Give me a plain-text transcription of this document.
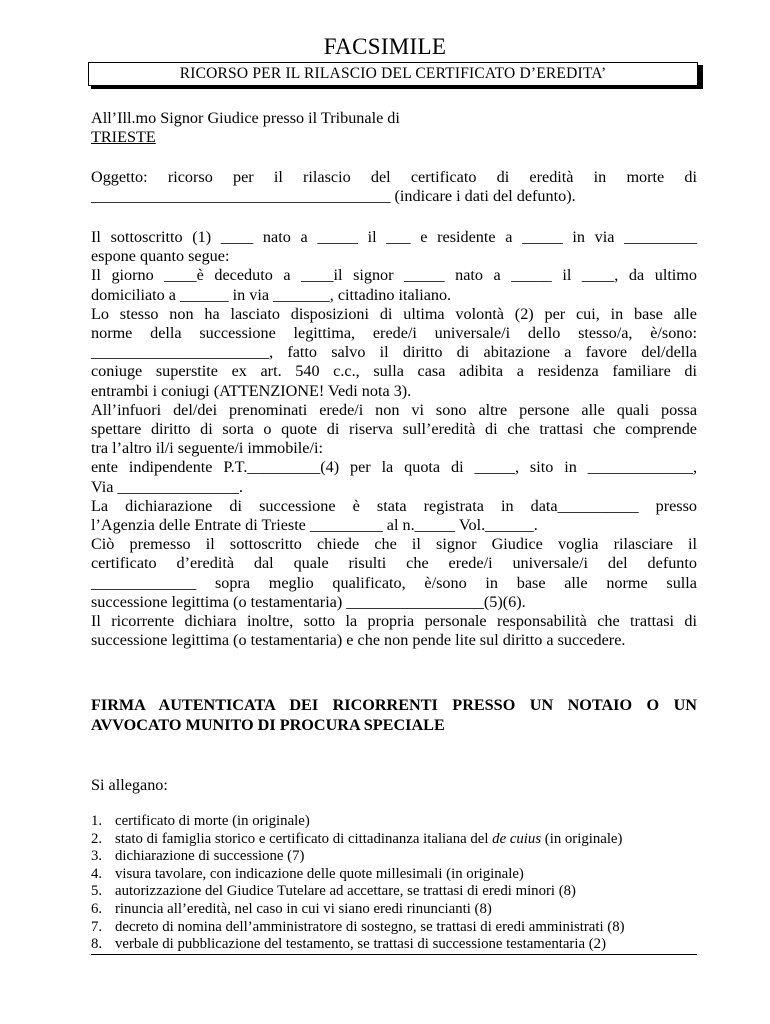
FACSIMILE
RICORSO PER IL RILASCIO DEL CERTIFICATO D’EREDITA’
All’Ill.mo Signor Giudice presso il Tribunale di
TRIESTE
Oggetto: ricorso per il rilascio del certificato di eredità in morte di
_____________________________________ (indicare i dati del defunto).
Il sottoscritto (1) ____ nato a _____ il ___ e residente a _____ in via _________
espone quanto segue:
Il giorno ____è deceduto a ____il signor _____ nato a _____ il ____, da ultimo
domiciliato a ______ in via _______, cittadino italiano.
Lo stesso non ha lasciato disposizioni di ultima volontà (2) per cui, in base alle
norme della successione legittima, erede/i universale/i dello stesso/a, è/sono:
______________________, fatto salvo il diritto di abitazione a favore del/della
coniuge superstite ex art. 540 c.c., sulla casa adibita a residenza familiare di
entrambi i coniugi (ATTENZIONE! Vedi nota 3).
All’infuori del/dei prenominati erede/i non vi sono altre persone alle quali possa
spettare diritto di sorta o quote di riserva sull’eredità di che trattasi che comprende
tra l’altro il/i seguente/i immobile/i:
ente indipendente P.T._________(4) per la quota di _____, sito in _____________,
Via _______________.
La dichiarazione di successione è stata registrata in data__________ presso
l’Agenzia delle Entrate di Trieste _________ al n._____ Vol.______.
Ciò premesso il sottoscritto chiede che il signor Giudice voglia rilasciare il
certificato d’eredità dal quale risulti che erede/i universale/i del defunto
_____________ sopra meglio qualificato, è/sono in base alle norme sulla
successione legittima (o testamentaria) _________________(5)(6).
Il ricorrente dichiara inoltre, sotto la propria personale responsabilità che trattasi di
successione legittima (o testamentaria) e che non pende lite sul diritto a succedere.
FIRMA AUTENTICATA DEI RICORRENTI PRESSO UN NOTAIO O UN AVVOCATO MUNITO DI PROCURA SPECIALE
Si allegano:
1. certificato di morte (in originale)
2. stato di famiglia storico e certificato di cittadinanza italiana del de cuius (in originale)
3. dichiarazione di successione (7)
4. visura tavolare, con indicazione delle quote millesimali (in originale)
5. autorizzazione del Giudice Tutelare ad accettare, se trattasi di eredi minori (8)
6. rinuncia all’eredità, nel caso in cui vi siano eredi rinuncianti (8)
7. decreto di nomina dell’amministratore di sostegno, se trattasi di eredi amministrati (8)
8. verbale di pubblicazione del testamento, se trattasi di successione testamentaria (2)
